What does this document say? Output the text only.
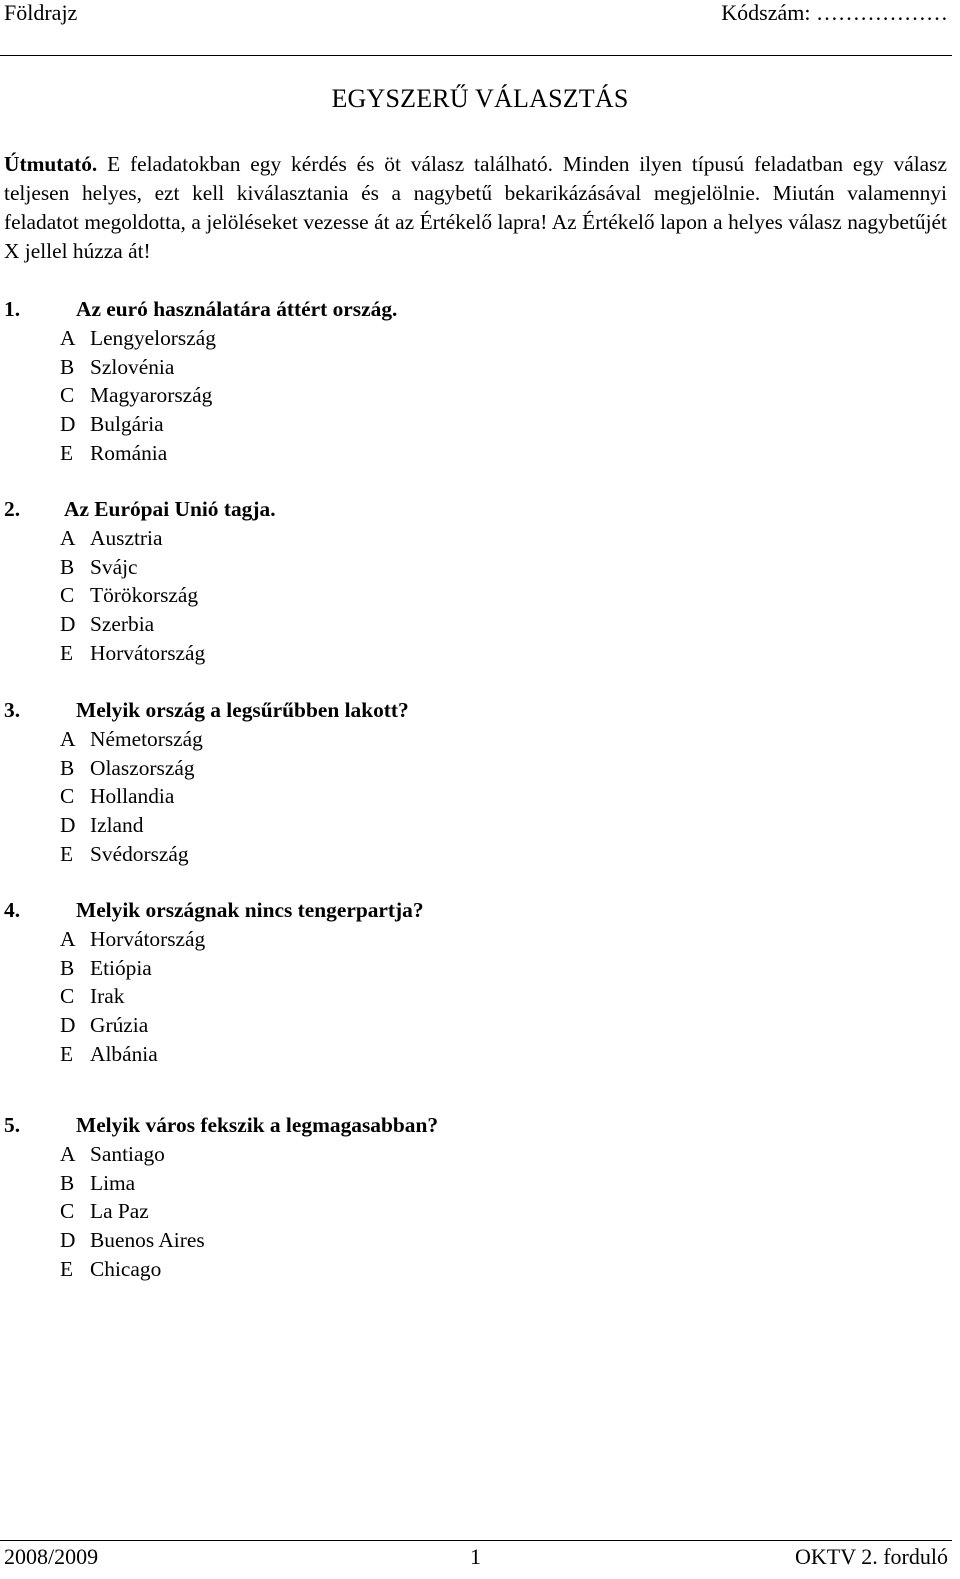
Földrajz	Kódszám: ………………
EGYSZERŰ VÁLASZTÁS
Útmutató. E feladatokban egy kérdés és öt válasz található. Minden ilyen típusú feladatban egy válasz teljesen helyes, ezt kell kiválasztania és a nagybetű bekarikázásával megjelölnie. Miután valamennyi feladatot megoldotta, a jelöléseket vezesse át az Értékelő lapra! Az Értékelő lapon a helyes válasz nagybetűjét X jellel húzza át!
1.	Az euró használatára áttért ország.
A Lengyelország
B Szlovénia
C Magyarország
D Bulgária
E Románia
2. Az Európai Unió tagja.
A Ausztria
B Svájc
C Törökország
D Szerbia
E Horvátország
3.	Melyik ország a legsűrűbben lakott?
A Németország
B Olaszország
C Hollandia
D Izland
E Svédország
4.	Melyik országnak nincs tengerpartja?
A Horvátország
B Etiópia
C Irak
D Grúzia
E Albánia
5.	Melyik város fekszik a legmagasabban?
A Santiago
B Lima
C La Paz
D Buenos Aires
E Chicago
2008/2009	1	OKTV 2. forduló
